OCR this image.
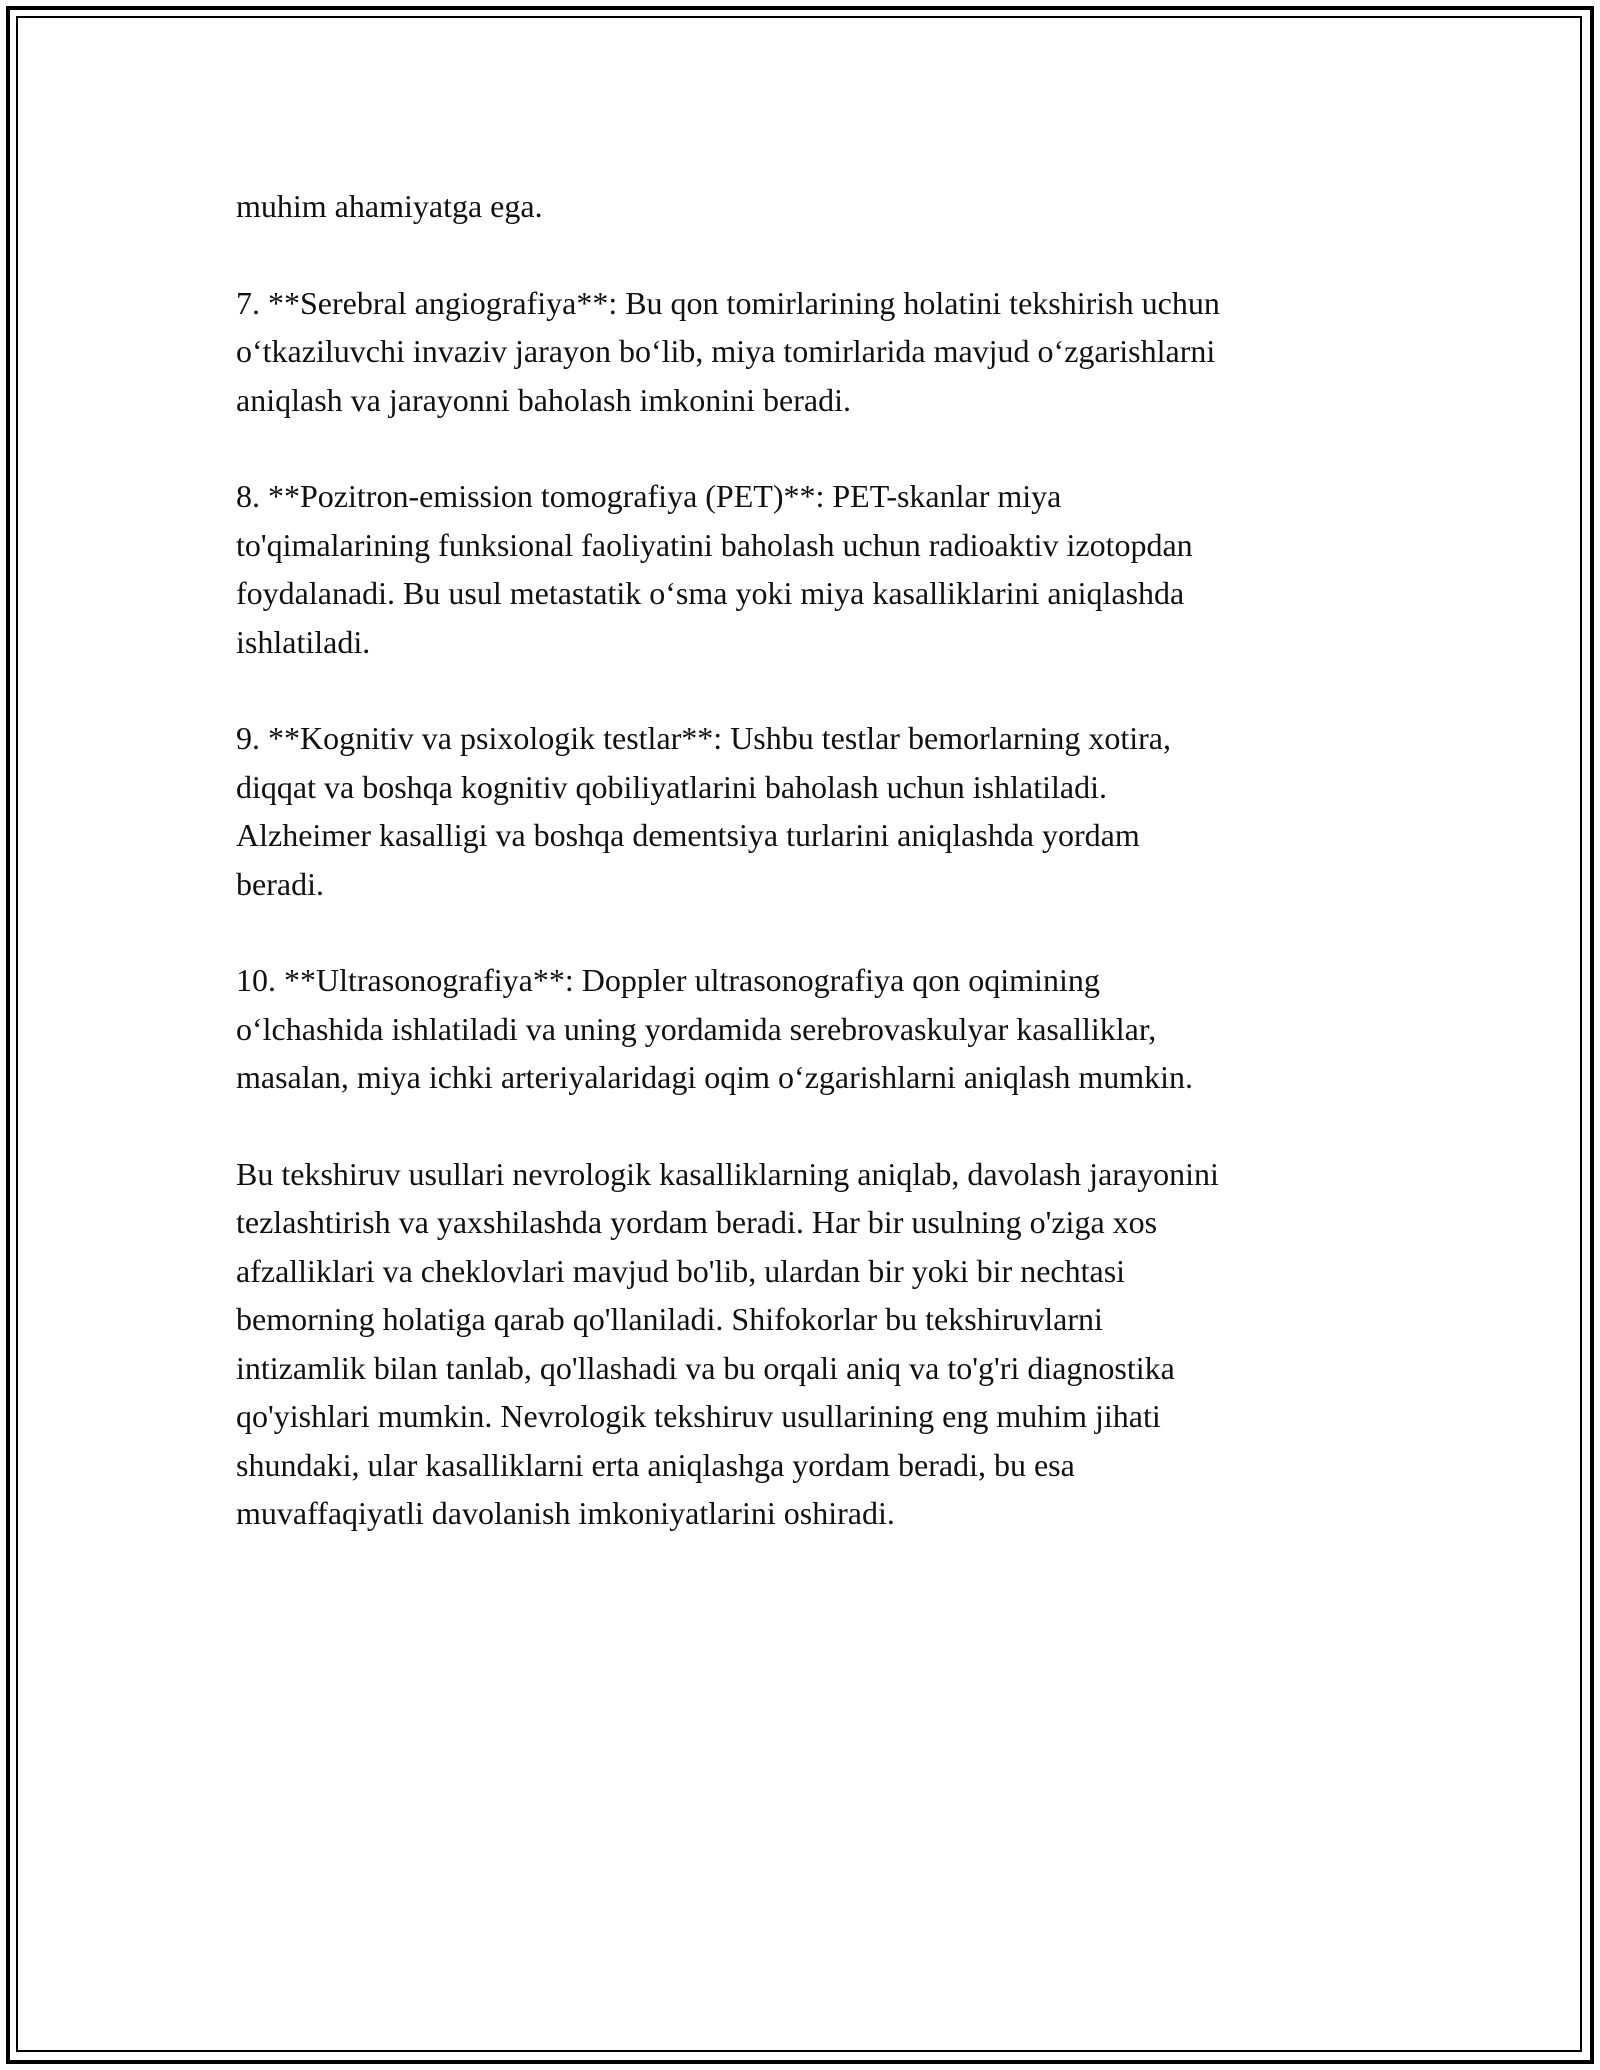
muhim ahamiyatga ega.

7. **Serebral angiografiya**: Bu qon tomirlarining holatini tekshirish uchun
o‘tkaziluvchi invaziv jarayon bo‘lib, miya tomirlarida mavjud o‘zgarishlarni
aniqlash va jarayonni baholash imkonini beradi.

8. **Pozitron-emission tomografiya (PET)**: PET-skanlar miya
to'qimalarining funksional faoliyatini baholash uchun radioaktiv izotopdan
foydalanadi. Bu usul metastatik o‘sma yoki miya kasalliklarini aniqlashda
ishlatiladi.

9. **Kognitiv va psixologik testlar**: Ushbu testlar bemorlarning xotira,
diqqat va boshqa kognitiv qobiliyatlarini baholash uchun ishlatiladi.
Alzheimer kasalligi va boshqa dementsiya turlarini aniqlashda yordam
beradi.

10. **Ultrasonografiya**: Doppler ultrasonografiya qon oqimining
o‘lchashida ishlatiladi va uning yordamida serebrovaskulyar kasalliklar,
masalan, miya ichki arteriyalaridagi oqim o‘zgarishlarni aniqlash mumkin.

Bu tekshiruv usullari nevrologik kasalliklarning aniqlab, davolash jarayonini
tezlashtirish va yaxshilashda yordam beradi. Har bir usulning o'ziga xos
afzalliklari va cheklovlari mavjud bo'lib, ulardan bir yoki bir nechtasi
bemorning holatiga qarab qo'llaniladi. Shifokorlar bu tekshiruvlarni
intizamlik bilan tanlab, qo'llashadi va bu orqali aniq va to'g'ri diagnostika
qo'yishlari mumkin. Nevrologik tekshiruv usullarining eng muhim jihati
shundaki, ular kasalliklarni erta aniqlashga yordam beradi, bu esa
muvaffaqiyatli davolanish imkoniyatlarini oshiradi.
